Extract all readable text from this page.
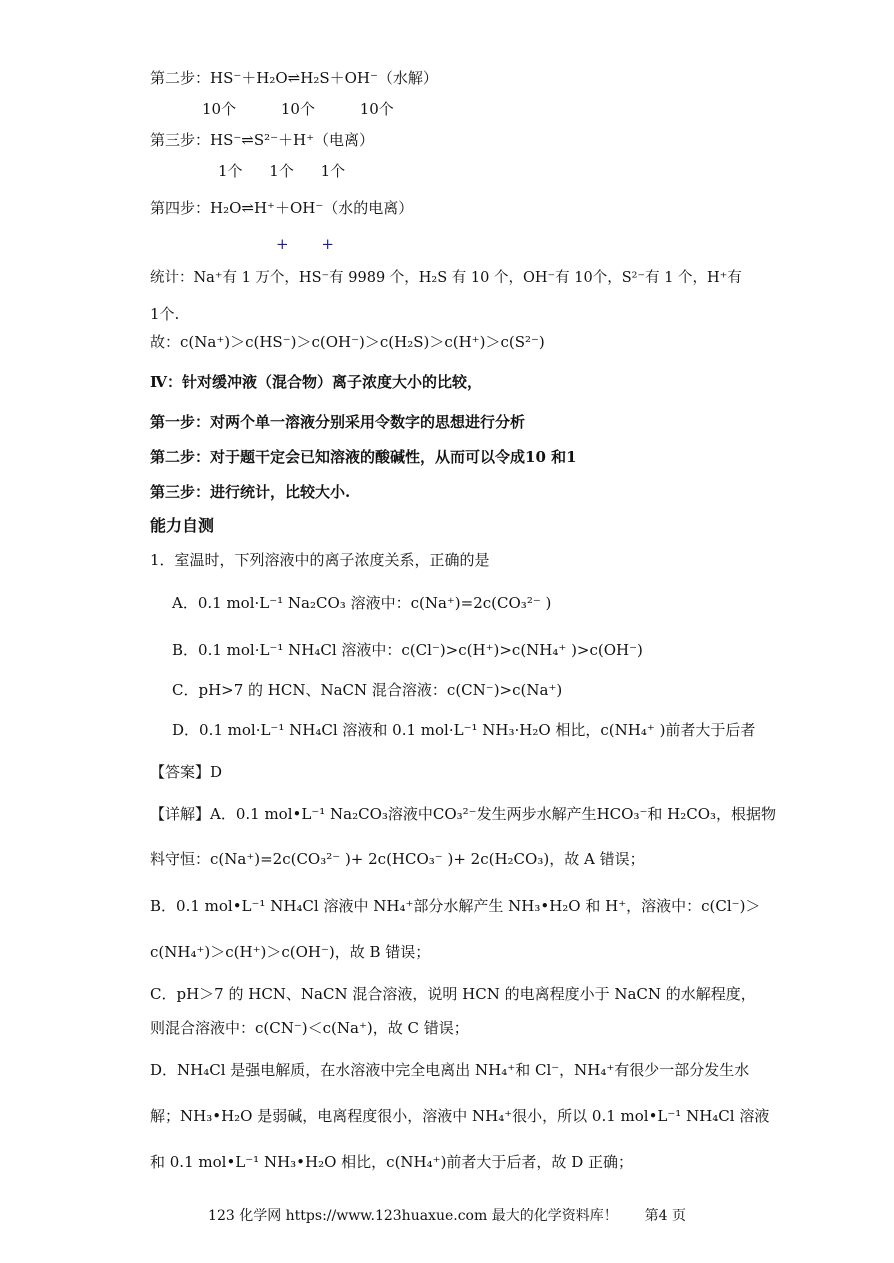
第二步：HS⁻＋H₂O⇌H₂S＋OH⁻（水解）
10个 10个 10个
第三步：HS⁻⇌S²⁻＋H⁺（电离）
1个 1个 1个
第四步：H₂O⇌H⁺＋OH⁻（水的电离）
+ +
统计：Na⁺有 1 万个，HS⁻有 9989 个，H₂S 有 10 个，OH⁻有 10个，S²⁻有 1 个，H⁺有
1个.
故：c(Na⁺)＞c(HS⁻)＞c(OH⁻)＞c(H₂S)＞c(H⁺)＞c(S²⁻)
Ⅳ：针对缓冲液（混合物）离子浓度大小的比较，
第一步：对两个单一溶液分别采用令数字的思想进行分析
第二步：对于题干定会已知溶液的酸碱性，从而可以令成10 和1
第三步：进行统计，比较大小.
能力自测
1．室温时，下列溶液中的离子浓度关系，正确的是
A．0.1 mol·L⁻¹ Na₂CO₃ 溶液中：c(Na⁺)=2c(CO₃²⁻ )
B．0.1 mol·L⁻¹ NH₄Cl 溶液中：c(Cl⁻)>c(H⁺)>c(NH₄⁺ )>c(OH⁻)
C．pH>7 的 HCN、NaCN 混合溶液：c(CN⁻)>c(Na⁺)
D．0.1 mol·L⁻¹ NH₄Cl 溶液和 0.1 mol·L⁻¹ NH₃·H₂O 相比，c(NH₄⁺ )前者大于后者
【答案】D
【详解】A．0.1 mol•L⁻¹ Na₂CO₃溶液中CO₃²⁻发生两步水解产生HCO₃⁻和 H₂CO₃，根据物
料守恒：c(Na⁺)=2c(CO₃²⁻ )+ 2c(HCO₃⁻ )+ 2c(H₂CO₃)，故 A 错误；
B．0.1 mol•L⁻¹ NH₄Cl 溶液中 NH₄⁺部分水解产生 NH₃•H₂O 和 H⁺，溶液中：c(Cl⁻)＞
c(NH₄⁺)＞c(H⁺)＞c(OH⁻)，故 B 错误；
C．pH＞7 的 HCN、NaCN 混合溶液，说明 HCN 的电离程度小于 NaCN 的水解程度，
则混合溶液中：c(CN⁻)＜c(Na⁺)，故 C 错误；
D．NH₄Cl 是强电解质，在水溶液中完全电离出 NH₄⁺和 Cl⁻，NH₄⁺有很少一部分发生水
解；NH₃•H₂O 是弱碱，电离程度很小，溶液中 NH₄⁺很小，所以 0.1 mol•L⁻¹ NH₄Cl 溶液
和 0.1 mol•L⁻¹ NH₃•H₂O 相比，c(NH₄⁺)前者大于后者，故 D 正确；
123 化学网 https://www.123huaxue.com 最大的化学资料库！ 第4 页
